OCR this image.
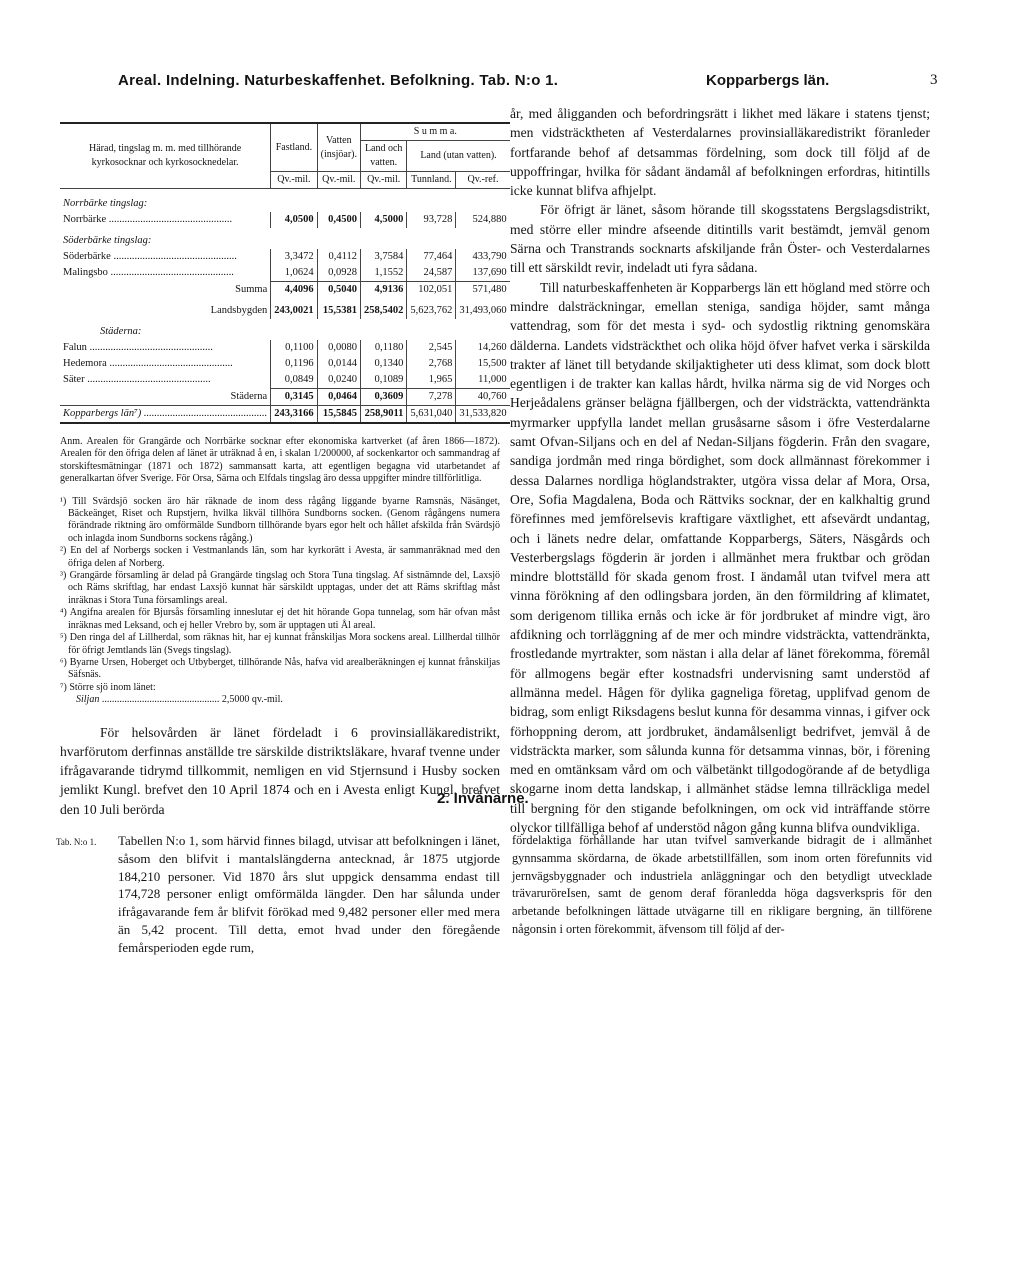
Areal. Indelning. Naturbeskaffenhet. Befolkning. Tab. N:o 1.	Kopparbergs län.	3
Härad, tingslag m. m. med tillhörande kyrkosocknar och kyrkosocknedelar.	Fastland.	Vatten (insjöar).	S u m m a.		
			Land och vatten.	Land (utan vatten).	
	Qv.-mil.	Qv.-mil.	Qv.-mil.	Tunnland.	Qv.-ref.
Norrbärke tingslag:					
Norrbärke .....	4,0500	0,4500	4,5000	93,728	524,880
Söderbärke tingslag:					
Söderbärke .....	3,3472	0,4112	3,7584	77,464	433,790
Malingsbo .....	1,0624	0,0928	1,1552	24,587	137,690
Summa	4,4096	0,5040	4,9136	102,051	571,480
Landsbygden	243,0021	15,5381	258,5402	5,623,762	31,493,060
Städerna:					
Falun .....	0,1100	0,0080	0,1180	2,545	14,260
Hedemora .....	0,1196	0,0144	0,1340	2,768	15,500
Säter .....	0,0849	0,0240	0,1089	1,965	11,000
Städerna	0,3145	0,0464	0,3609	7,278	40,760
Kopparbergs län⁷) .....	243,3166	15,5845	258,9011	5,631,040	31,533,820

Anm. Arealen för Grangärde och Norrbärke socknar efter ekonomiska kartverket (af åren 1866—1872). Arealen för den öfriga delen af länet är uträknad å en, i skalan 1/200000, af sockenkartor och sammandrag af storskiftesmätningar (1871 och 1872) sammansatt karta, att egentligen begagna vid utarbetandet af generalkartan öfver Sverige. För Orsa, Särna och Elfdals tingslag äro dessa uppgifter mindre tillförlitliga.

¹) Till Svärdsjö socken äro här räknade de inom dess rågång liggande byarne Ramsnäs, Näsänget, Bäckeänget, Riset och Rupstjern, hvilka likväl tillhöra Sundborns socken. (Genom rågångens numera förändrade riktning äro omförmälde Sundborn tillhörande byars egor helt och hållet afskilda från Svärdsjö och inlagda inom Sundborns sockens rågång.)

²) En del af Norbergs socken i Vestmanlands län, som har kyrkorätt i Avesta, är sammanräknad med den öfriga delen af Norberg.

³) Grangärde församling är delad på Grangärde tingslag och Stora Tuna tingslag. Af sistnämnde del, Laxsjö och Räms skriftlag, har endast Laxsjö kunnat här särskildt upptagas, under det att Räms skriftlag måst inräknas i Stora Tuna församlings areal.

⁴) Angifna arealen för Bjursås församling inneslutar ej det hit hörande Gopa tunnelag, som här ofvan måst inräknas med Leksand, och ej heller Vrebro by, som är upptagen uti Ål areal.

⁵) Den ringa del af Lillherdal, som räknas hit, har ej kunnat frånskiljas Mora sockens areal. Lillherdal tillhör för öfrigt Jemtlands län (Svegs tingslag).

⁶) Byarne Ursen, Hoberget och Utbyberget, tillhörande Nås, hafva vid arealberäkningen ej kunnat frånskiljas Säfsnäs.

⁷) Större sjö inom länet:

Siljan .....	2,5000 qv.-mil.

För helsovården är länet fördeladt i 6 provinsialläkaredistrikt, hvarförutom derfinnas anställde tre särskilde distriktsläkare, hvaraf tvenne under ifrågavarande tidrymd tillkommit, nemligen en vid Stjernsund i Husby socken jemlikt Kungl. brefvet den 10 April 1874 och en i Avesta enligt Kungl. brefvet den 10 Juli berörda

år, med åligganden och befordringsrätt i likhet med läkare i statens tjenst; men vidsträcktheten af Vesterdalarnes provinsialläkaredistrikt föranleder fortfarande behof af detsammas fördelning, som dock till följd af de uppoffringar, hvilka för sådant ändamål af befolkningen erfordras, hitintills icke kunnat blifva afhjelpt.

För öfrigt är länet, såsom hörande till skogsstatens Bergslagsdistrikt, med större eller mindre afseende ditintills varit bestämdt, jemväl genom Särna och Transtrands socknarts afskiljande från Öster- och Vesterdalarnes till ett särskildt revir, indeladt uti fyra sådana.

Till naturbeskaffenheten är Kopparbergs län ett högland med större och mindre dalsträckningar, emellan steniga, sandiga höjder, samt många vattendrag, som för det mesta i syd- och sydostlig riktning genomskära dälderna. Landets vidsträckthet och olika höjd öfver hafvet verka i särskilda trakter af länet till betydande skiljaktigheter uti dess klimat, som dock blott egentligen i de trakter kan kallas hårdt, hvilka närma sig de vid Norges och Herjeådalens gränser belägna fjällbergen, och der vidsträckta, vattendränkta myrmarker uppfylla landet mellan grusåsarne såsom i öfre Vesterdalarne samt Ofvan-Siljans och en del af Nedan-Siljans fögderin. Från den svagare, sandiga jordmån med ringa bördighet, som dock allmännast förekommer i dessa Dalarnes nordliga höglandstrakter, utgöra vissa delar af Mora, Orsa, Ore, Sofia Magdalena, Boda och Rättviks socknar, der en kalkhaltig grund förefinnes med jemförelsevis kraftigare växtlighet, ett afsevärdt undantag, och i länets nedre delar, omfattande Kopparbergs, Säters, Näsgårds och Vesterbergslags fögderin är jorden i allmänhet mera fruktbar och grödan mindre blottställd för skada genom frost. I ändamål utan tvifvel mera att vinna förökning af den odlingsbara jorden, än den förmildring af klimatet, som derigenom tillika ernås och icke är för jordbruket af mindre vigt, äro afdikning och torrläggning af de mer och mindre vidsträckta, vattendränkta, frostledande myrtrakter, som nästan i alla delar af länet förekomma, föremål för allmogens begär efter kostnadsfri undervisning samt understöd af allmänna medel. Hågen för dylika gagneliga företag, upplifvad genom de bidrag, som enligt Riksdagens beslut kunna för desamma vinnas, i gifver ock förhoppning derom, att jordbruket, ändamålsenligt bedrifvet, jemväl å de vidsträckta marker, som sålunda kunna för detsamma vinnas, bör, i förening med en omtänksam vård om och välbetänkt tillgodogörande af de betydliga skogarne inom detta landskap, i allmänhet städse lemna tillräckliga medel till bergning för den stigande befolkningen, om ock vid inträffande större olyckor tillfälliga behof af understöd någon gång kunna blifva oundvikliga.

2. Invånarne.
Tab. N:o 1. Tabellen N:o 1, som härvid finnes bilagd, utvisar att befolkningen i länet, såsom den blifvit i mantalslängderna antecknad, år 1875 utgjorde 184,210 personer. Vid 1870 års slut uppgick densamma endast till 174,728 personer enligt omförmälda längder. Den har sålunda under ifrågavarande fem år blifvit förökad med 9,482 personer eller med mera än 5,42 procent. Till detta, emot hvad under den föregående femårsperioden egde rum,

fördelaktiga förhållande har utan tvifvel samverkande bidragit de i allmänhet gynnsamma skördarna, de ökade arbetstillfällen, som inom orten förefunnits vid jernvägsbyggnader och industriela anläggningar och den betydligt utvecklade trävaruröreIsen, samt de genom deraf föranledda höga dagsverkspris för den arbetande befolkningen lättade utvägarne till en rikligare bergning, än tillförene någonsin i orten förekommit, äfvensom till följd af der-
